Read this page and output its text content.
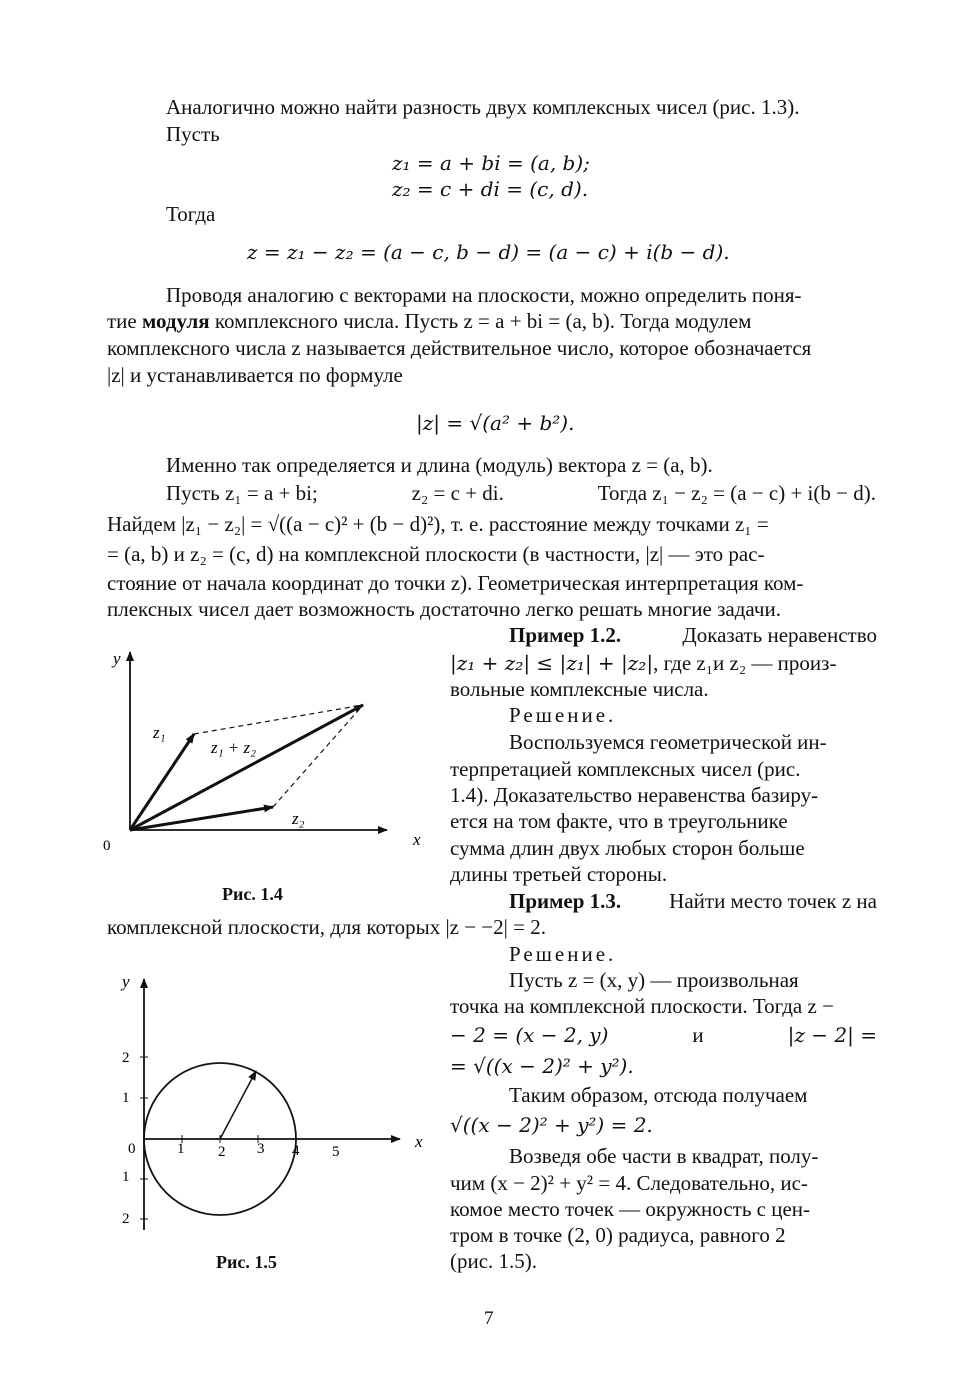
Аналогично можно найти разность двух комплексных чисел (рис. 1.3).
Пусть
z₁ = a + bi = (a, b);
z₂ = c + di = (c, d).
Тогда
z = z₁ − z₂ = (a − c, b − d) = (a − c) + i(b − d).
Проводя аналогию с векторами на плоскости, можно определить поня-
тие модуля комплексного числа. Пусть z = a + bi = (a, b). Тогда модулем
комплексного числа z называется действительное число, которое обозначается
|z| и устанавливается по формуле
|z| = √(a² + b²).
Именно так определяется и длина (модуль) вектора z = (a, b).
Пусть z₁ = a + bi;	z₂ = c + di.	Тогда z₁ − z₂ = (a − c) + i(b − d).
Найдем |z₁ − z₂| = √((a − c)² + (b − d)²), т. е. расстояние между точками z₁ =
= (a, b) и z₂ = (c, d) на комплексной плоскости (в частности, |z| — это рас-
стояние от начала координат до точки z). Геометрическая интерпретация ком-
плексных чисел дает возможность достаточно легко решать многие задачи.
Пример 1.2.	Доказать неравенство
|z₁ + z₂| ≤ |z₁| + |z₂|, где z₁и z₂ — произ-
вольные комплексные числа.
Решение.
Воспользуемся геометрической ин-
терпретацией комплексных чисел (рис.
1.4). Доказательство неравенства базиру-
ется на том факте, что в треугольнике
сумма длин двух любых сторон больше
длины третьей стороны.
y
x
0
z₁
z₁ + z₂
z₂
Рис. 1.4	Пример 1.3. Найти место точек z на
комплексной плоскости, для которых |z − −2| = 2.
Решение.
Пусть z = (x, y) — произвольная
точка на комплексной плоскости. Тогда z −
− 2 = (x − 2, y)	и	|z − 2| =
= √((x − 2)² + y²).
Таким образом, отсюда получаем
√((x − 2)² + y²) = 2.
Возведя обе части в квадрат, полу-
чим (x − 2)² + y² = 4. Следовательно, ис-
комое место точек — окружность с цен-
тром в точке (2, 0) радиуса, равного 2
(рис. 1.5).
y
x
0	1 2 3 4 5
2
1
1
2
Рис. 1.5
7
